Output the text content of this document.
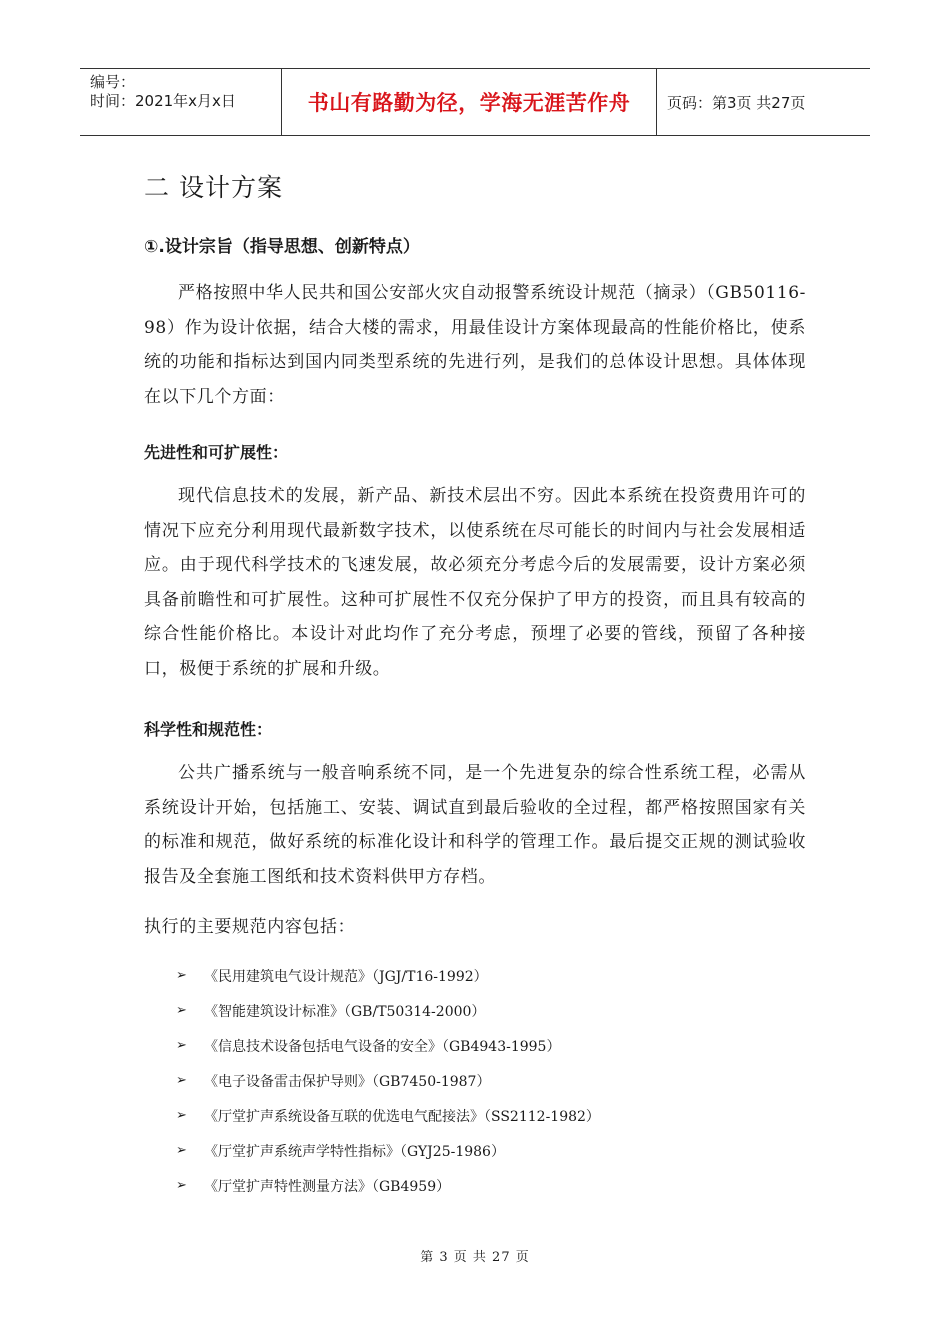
编号：
时间：2021年x月x日	书山有路勤为径，学海无涯苦作舟	页码：第3页 共27页
二 设计方案
①.设计宗旨（指导思想、创新特点）

严格按照中华人民共和国公安部火灾自动报警系统设计规范（摘录）（GB50116-98）作为设计依据，结合大楼的需求，用最佳设计方案体现最高的性能价格比，使系统的功能和指标达到国内同类型系统的先进行列，是我们的总体设计思想。具体体现在以下几个方面：

先进性和可扩展性：

现代信息技术的发展，新产品、新技术层出不穷。因此本系统在投资费用许可的情况下应充分利用现代最新数字技术，以使系统在尽可能长的时间内与社会发展相适应。由于现代科学技术的飞速发展，故必须充分考虑今后的发展需要，设计方案必须具备前瞻性和可扩展性。这种可扩展性不仅充分保护了甲方的投资，而且具有较高的综合性能价格比。本设计对此均作了充分考虑，预埋了必要的管线，预留了各种接口，极便于系统的扩展和升级。

科学性和规范性：

公共广播系统与一般音响系统不同，是一个先进复杂的综合性系统工程，必需从系统设计开始，包括施工、安装、调试直到最后验收的全过程，都严格按照国家有关的标准和规范，做好系统的标准化设计和科学的管理工作。最后提交正规的测试验收报告及全套施工图纸和技术资料供甲方存档。

执行的主要规范内容包括：

➢	《民用建筑电气设计规范》（JGJ/T16-1992）
➢	《智能建筑设计标准》（GB/T50314-2000）
➢	《信息技术设备包括电气设备的安全》（GB4943-1995）
➢	《电子设备雷击保护导则》（GB7450-1987）
➢	《厅堂扩声系统设备互联的优选电气配接法》（SS2112-1982）
➢	《厅堂扩声系统声学特性指标》（GYJ25-1986）
➢	《厅堂扩声特性测量方法》（GB4959）
第 3 页 共 27 页
